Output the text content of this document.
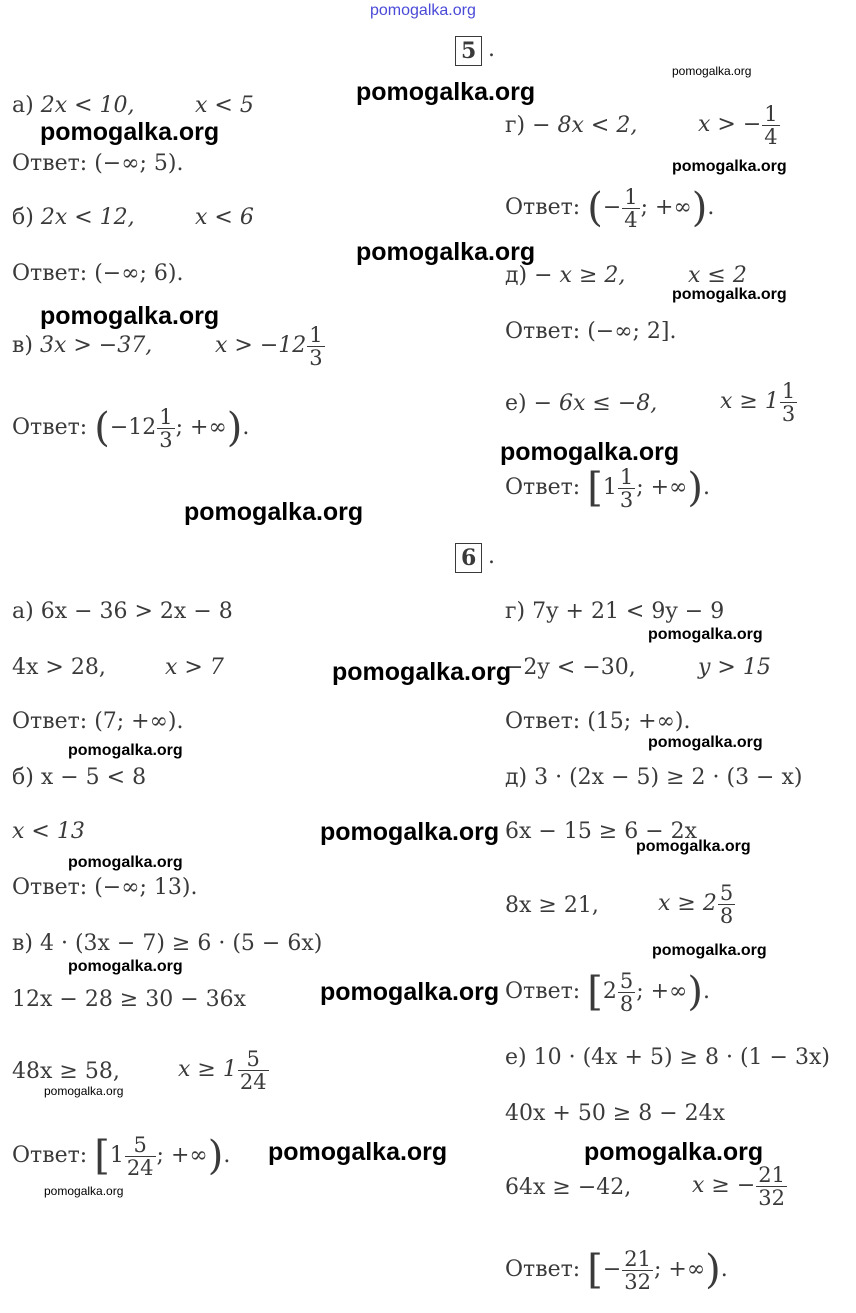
pomogalka.org
5 .
а) 2x < 10,	x < 5
Ответ: (−∞; 5).
б) 2x < 12,	x < 6
Ответ: (−∞; 6).
в) 3x > −37,	$x > -12 \frac{1}{3}$
Ответ: ($-12 \frac{1}{3}$ ; +∞).
г) − 8x < 2,	x > − $\frac{1}{4}$
Ответ: (− $\frac{1}{4}$ ; +∞).
д) − x ≥ 2,	x ≤ 2
Ответ: (−∞; 2].
е) − 6x ≤ −8,	$x \ge 1 \frac{1}{3}$
Ответ: [$1 \frac{1}{3}$ ; +∞).
6 .
а) 6x − 36 > 2x − 8
4x > 28,	x > 7
Ответ: (7; +∞).
б) x − 5 < 8
x < 13
Ответ: (−∞; 13).
в) 4 · (3x − 7) ≥ 6 · (5 − 6x)
12x − 28 ≥ 30 − 36x
48x ≥ 58,	$x \ge 1 \frac{5}{24}$
Ответ: [$1 \frac{5}{24}$ ; +∞).
г) 7y + 21 < 9y − 9
−2y < −30,	y > 15
Ответ: (15; +∞).
д) 3 · (2x − 5) ≥ 2 · (3 − x)
6x − 15 ≥ 6 − 2x
8x ≥ 21,	$x \ge 2 \frac{5}{8}$
Ответ: [$2 \frac{5}{8}$ ; +∞).
е) 10 · (4x + 5) ≥ 8 · (1 − 3x)
40x + 50 ≥ 8 − 24x
64x ≥ −42,	x ≥ − $\frac{21}{32}$
Ответ: [− $\frac{21}{32}$ ; +∞).
pomogalka.org
pomogalka.org
pomogalka.org
pomogalka.org
pomogalka.org
pomogalka.org
pomogalka.org
pomogalka.org
pomogalka.org
pomogalka.org
pomogalka.org
pomogalka.org	pomogalka.org
pomogalka.org
pomogalka.org
pomogalka.org
pomogalka.org
pomogalka.org
pomogalka.org
pomogalka.org
pomogalka.org	pomogalka.org
pomogalka.org
